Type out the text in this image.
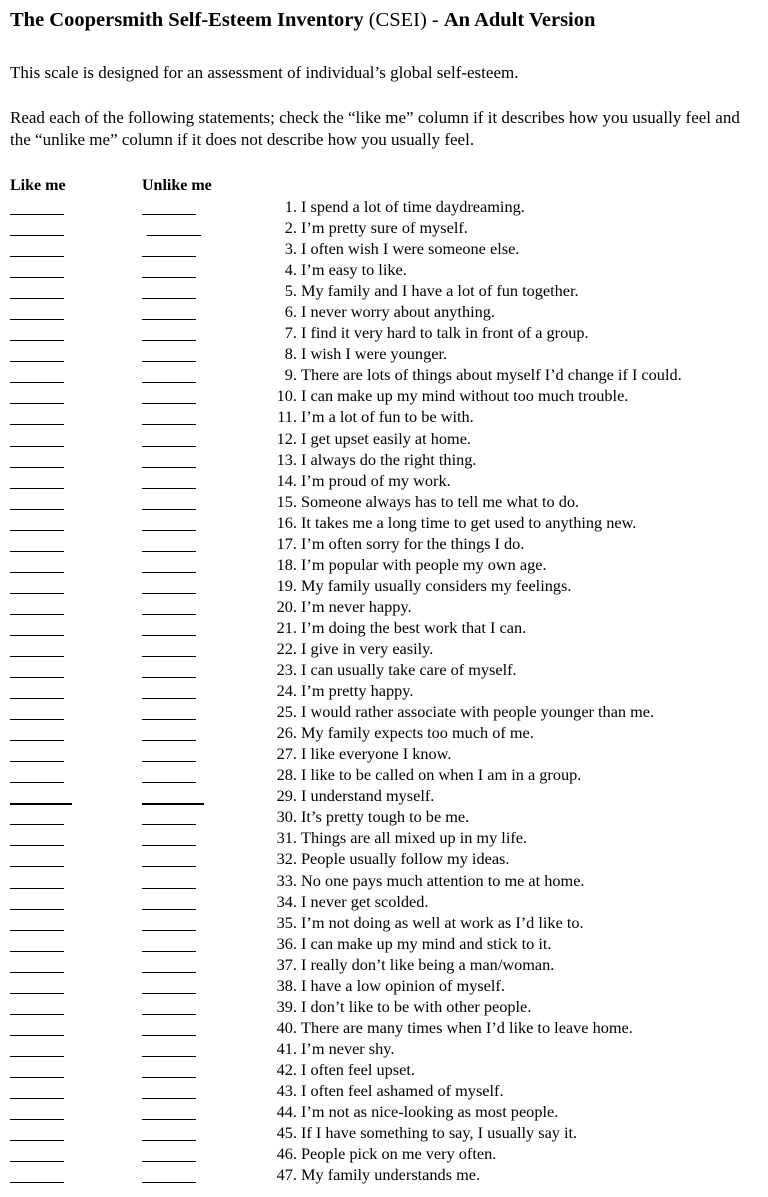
The Coopersmith Self-Esteem Inventory (CSEI) - An Adult Version
This scale is designed for an assessment of individual’s global self-esteem.
Read each of the following statements; check the “like me” column if it describes how you usually feel and the “unlike me” column if it does not describe how you usually feel.
Like me	Unlike me
1. I spend a lot of time daydreaming.
2. I’m pretty sure of myself.
3. I often wish I were someone else.
4. I’m easy to like.
5. My family and I have a lot of fun together.
6. I never worry about anything.
7. I find it very hard to talk in front of a group.
8. I wish I were younger.
9. There are lots of things about myself I’d change if I could.
10. I can make up my mind without too much trouble.
11. I’m a lot of fun to be with.
12. I get upset easily at home.
13. I always do the right thing.
14. I’m proud of my work.
15. Someone always has to tell me what to do.
16. It takes me a long time to get used to anything new.
17. I’m often sorry for the things I do.
18. I’m popular with people my own age.
19. My family usually considers my feelings.
20. I’m never happy.
21. I’m doing the best work that I can.
22. I give in very easily.
23. I can usually take care of myself.
24. I’m pretty happy.
25. I would rather associate with people younger than me.
26. My family expects too much of me.
27. I like everyone I know.
28. I like to be called on when I am in a group.
29. I understand myself.
30. It’s pretty tough to be me.
31. Things are all mixed up in my life.
32. People usually follow my ideas.
33. No one pays much attention to me at home.
34. I never get scolded.
35. I’m not doing as well at work as I’d like to.
36. I can make up my mind and stick to it.
37. I really don’t like being a man/woman.
38. I have a low opinion of myself.
39. I don’t like to be with other people.
40. There are many times when I’d like to leave home.
41. I’m never shy.
42. I often feel upset.
43. I often feel ashamed of myself.
44. I’m not as nice-looking as most people.
45. If I have something to say, I usually say it.
46. People pick on me very often.
47. My family understands me.
